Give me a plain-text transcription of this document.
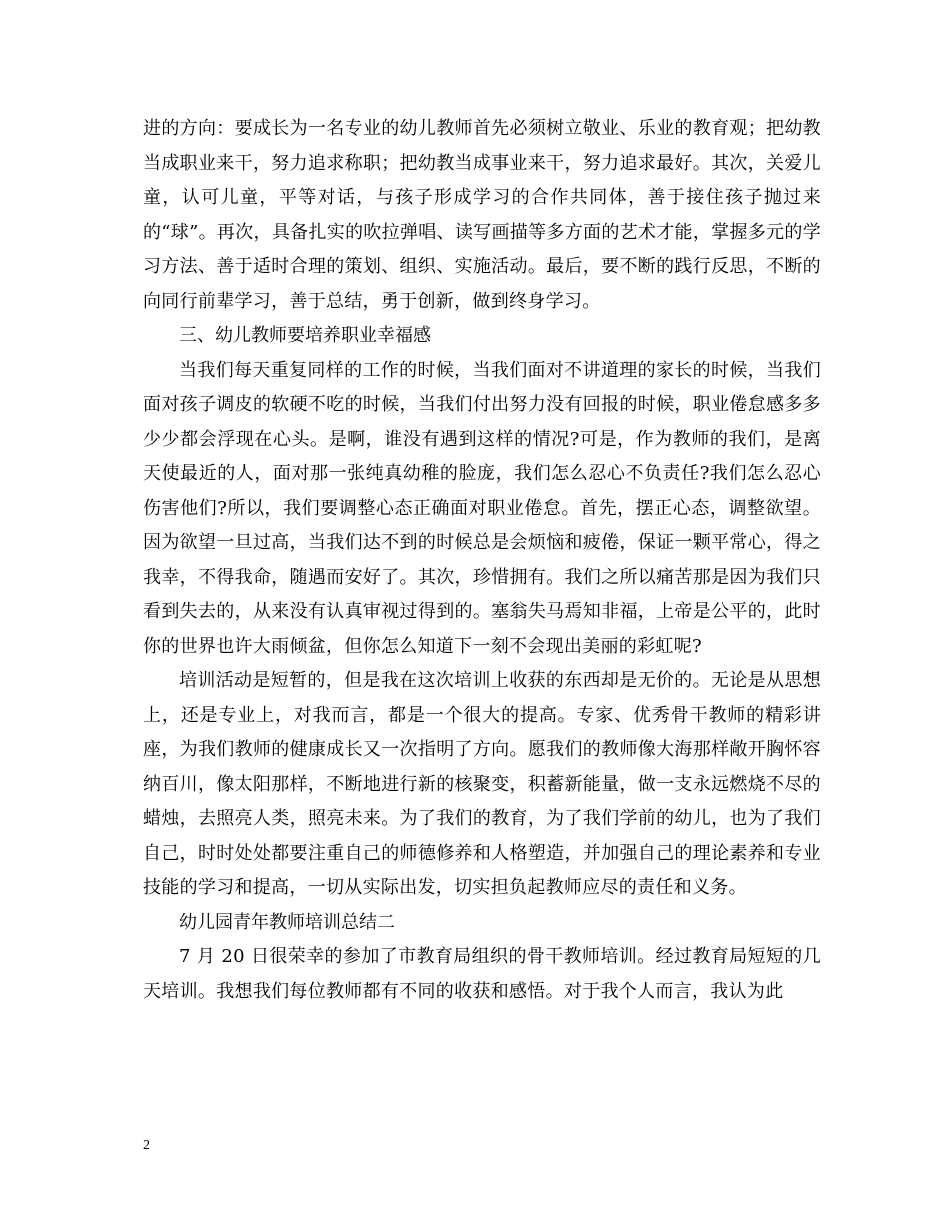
进的方向：要成长为一名专业的幼儿教师首先必须树立敬业、乐业的教育观；把幼教当成职业来干，努力追求称职；把幼教当成事业来干，努力追求最好。其次，关爱儿童，认可儿童，平等对话，与孩子形成学习的合作共同体，善于接住孩子抛过来的“球”。再次，具备扎实的吹拉弹唱、读写画描等多方面的艺术才能，掌握多元的学习方法、善于适时合理的策划、组织、实施活动。最后，要不断的践行反思，不断的向同行前辈学习，善于总结，勇于创新，做到终身学习。

三、幼儿教师要培养职业幸福感

当我们每天重复同样的工作的时候，当我们面对不讲道理的家长的时候，当我们面对孩子调皮的软硬不吃的时候，当我们付出努力没有回报的时候，职业倦怠感多多少少都会浮现在心头。是啊，谁没有遇到这样的情况?可是，作为教师的我们，是离天使最近的人，面对那一张纯真幼稚的脸庞，我们怎么忍心不负责任?我们怎么忍心伤害他们?所以，我们要调整心态正确面对职业倦怠。首先，摆正心态，调整欲望。因为欲望一旦过高，当我们达不到的时候总是会烦恼和疲倦，保证一颗平常心，得之我幸，不得我命，随遇而安好了。其次，珍惜拥有。我们之所以痛苦那是因为我们只看到失去的，从来没有认真审视过得到的。塞翁失马焉知非福，上帝是公平的，此时你的世界也许大雨倾盆，但你怎么知道下一刻不会现出美丽的彩虹呢?

培训活动是短暂的，但是我在这次培训上收获的东西却是无价的。无论是从思想上，还是专业上，对我而言，都是一个很大的提高。专家、优秀骨干教师的精彩讲座，为我们教师的健康成长又一次指明了方向。愿我们的教师像大海那样敞开胸怀容纳百川，像太阳那样，不断地进行新的核聚变，积蓄新能量，做一支永远燃烧不尽的蜡烛，去照亮人类，照亮未来。为了我们的教育，为了我们学前的幼儿，也为了我们自己，时时处处都要注重自己的师德修养和人格塑造，并加强自己的理论素养和专业技能的学习和提高，一切从实际出发，切实担负起教师应尽的责任和义务。

幼儿园青年教师培训总结二

7 月 20 日很荣幸的参加了市教育局组织的骨干教师培训。经过教育局短短的几天培训。我想我们每位教师都有不同的收获和感悟。对于我个人而言，我认为此

2
